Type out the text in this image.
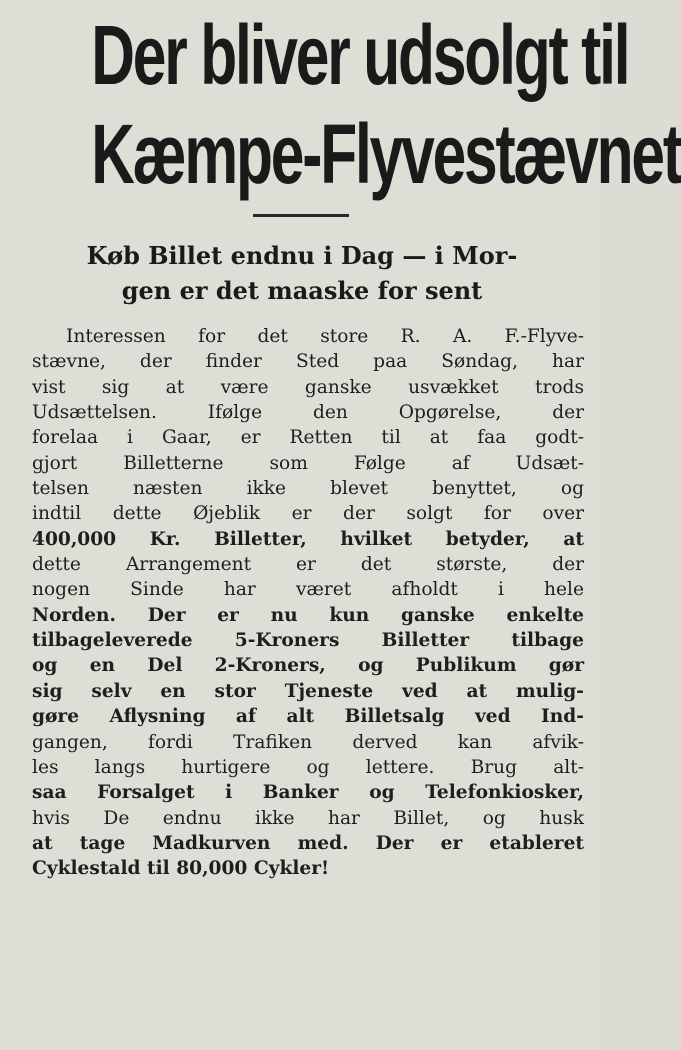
Der bliver udsolgt til
Kæmpe-Flyvestævnet
Køb Billet endnu i Dag — i Mor-
gen er det maaske for sent
Interessen for det store R. A. F.-Flyve-
stævne, der finder Sted paa Søndag, har
vist sig at være ganske usvækket trods
Udsættelsen. Ifølge den Opgørelse, der
forelaa i Gaar, er Retten til at faa godt-
gjort Billetterne som Følge af Udsæt-
telsen næsten ikke blevet benyttet, og
indtil dette Øjeblik er der solgt for over
400,000 Kr. Billetter, hvilket betyder, at
dette Arrangement er det største, der
nogen Sinde har været afholdt i hele
Norden. Der er nu kun ganske enkelte
tilbageleverede 5-Kroners Billetter tilbage
og en Del 2-Kroners, og Publikum gør
sig selv en stor Tjeneste ved at mulig-
gøre Aflysning af alt Billetsalg ved Ind-
gangen, fordi Trafiken derved kan afvik-
les langs hurtigere og lettere. Brug alt-
saa Forsalget i Banker og Telefonkiosker,
hvis De endnu ikke har Billet, og husk
at tage Madkurven med. Der er etableret
Cyklestald til 80,000 Cykler!
